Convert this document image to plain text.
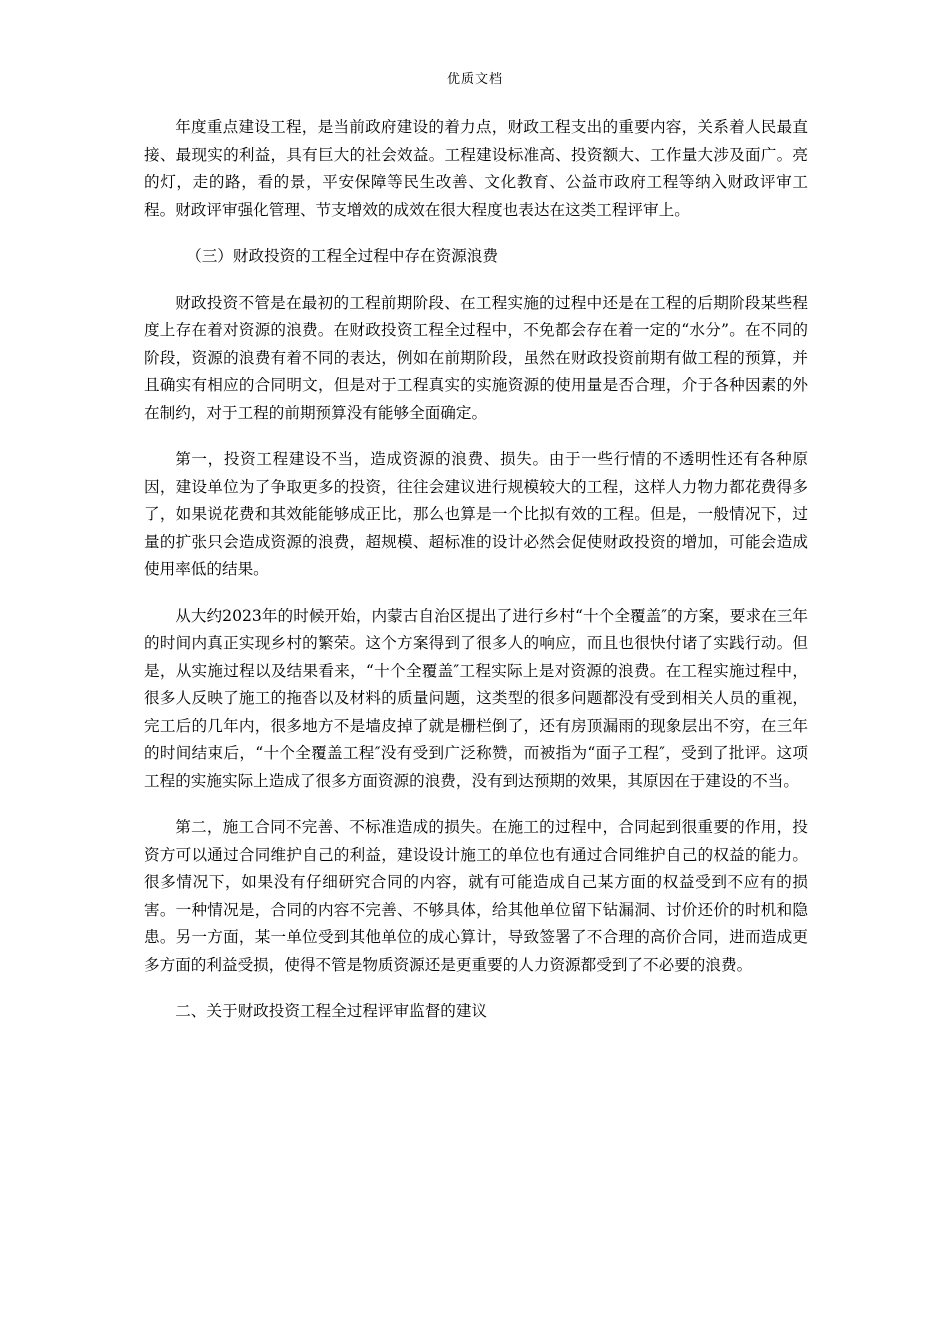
优质文档

年度重点建设工程，是当前政府建设的着力点，财政工程支出的重要内容，关系着人民最直接、最现实的利益，具有巨大的社会效益。工程建设标准高、投资额大、工作量大涉及面广。亮的灯，走的路，看的景，平安保障等民生改善、文化教育、公益市政府工程等纳入财政评审工程。财政评审强化管理、节支增效的成效在很大程度也表达在这类工程评审上。

（三）财政投资的工程全过程中存在资源浪费

财政投资不管是在最初的工程前期阶段、在工程实施的过程中还是在工程的后期阶段某些程度上存在着对资源的浪费。在财政投资工程全过程中，不免都会存在着一定的“水分”。在不同的阶段，资源的浪费有着不同的表达，例如在前期阶段，虽然在财政投资前期有做工程的预算，并且确实有相应的合同明文，但是对于工程真实的实施资源的使用量是否合理，介于各种因素的外在制约，对于工程的前期预算没有能够全面确定。

第一，投资工程建设不当，造成资源的浪费、损失。由于一些行情的不透明性还有各种原因，建设单位为了争取更多的投资，往往会建议进行规模较大的工程，这样人力物力都花费得多了，如果说花费和其效能能够成正比，那么也算是一个比拟有效的工程。但是，一般情况下，过量的扩张只会造成资源的浪费，超规模、超标准的设计必然会促使财政投资的增加，可能会造成使用率低的结果。

从大约2023年的时候开始，内蒙古自治区提出了进行乡村“十个全覆盖″的方案，要求在三年的时间内真正实现乡村的繁荣。这个方案得到了很多人的响应，而且也很快付诸了实践行动。但是，从实施过程以及结果看来，“十个全覆盖″工程实际上是对资源的浪费。在工程实施过程中，很多人反映了施工的拖沓以及材料的质量问题，这类型的很多问题都没有受到相关人员的重视，完工后的几年内，很多地方不是墙皮掉了就是栅栏倒了，还有房顶漏雨的现象层出不穷，在三年的时间结束后，“十个全覆盖工程″没有受到广泛称赞，而被指为“面子工程″，受到了批评。这项工程的实施实际上造成了很多方面资源的浪费，没有到达预期的效果，其原因在于建设的不当。

第二，施工合同不完善、不标准造成的损失。在施工的过程中，合同起到很重要的作用，投资方可以通过合同维护自己的利益，建设设计施工的单位也有通过合同维护自己的权益的能力。很多情况下，如果没有仔细研究合同的内容，就有可能造成自己某方面的权益受到不应有的损害。一种情况是，合同的内容不完善、不够具体，给其他单位留下钻漏洞、讨价还价的时机和隐患。另一方面，某一单位受到其他单位的成心算计，导致签署了不合理的高价合同，进而造成更多方面的利益受损，使得不管是物质资源还是更重要的人力资源都受到了不必要的浪费。

二、关于财政投资工程全过程评审监督的建议
